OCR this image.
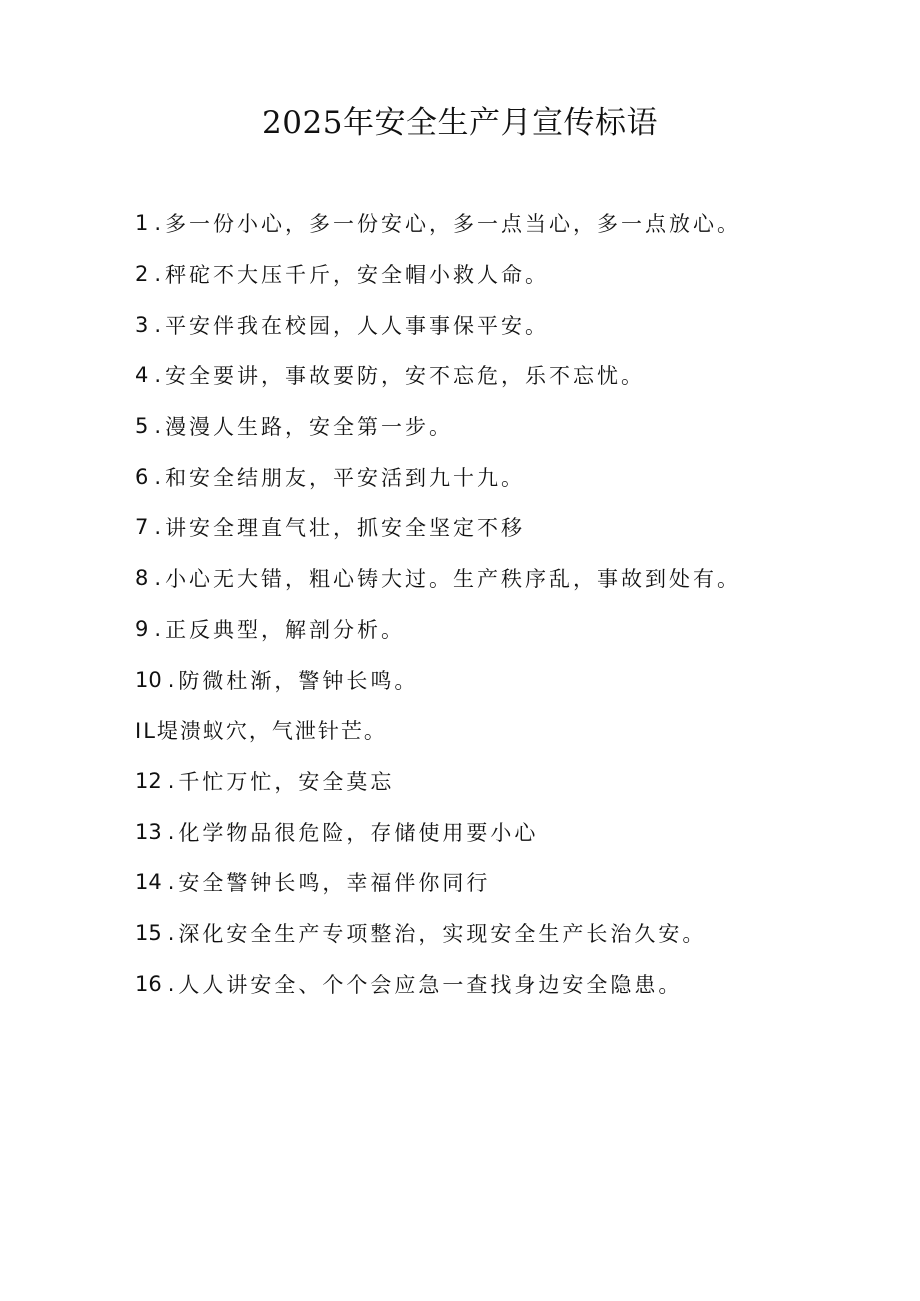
2025年安全生产月宣传标语
1 . 多一份小心，多一份安心，多一点当心，多一点放心。
2 . 秤砣不大压千斤，安全帽小救人命。
3 . 平安伴我在校园，人人事事保平安。
4 . 安全要讲，事故要防，安不忘危，乐不忘忧。
5 . 漫漫人生路，安全第一步。
6 . 和安全结朋友，平安活到九十九。
7 . 讲安全理直气壮，抓安全坚定不移
8 . 小心无大错，粗心铸大过。生产秩序乱，事故到处有。
9 . 正反典型，解剖分析。
10 . 防微杜渐，警钟长鸣。
IL堤溃蚁穴，气泄针芒。
12 . 千忙万忙，安全莫忘
13 . 化学物品很危险，存储使用要小心
14 . 安全警钟长鸣，幸福伴你同行
15 . 深化安全生产专项整治，实现安全生产长治久安。
16 . 人人讲安全、个个会应急一查找身边安全隐患。
